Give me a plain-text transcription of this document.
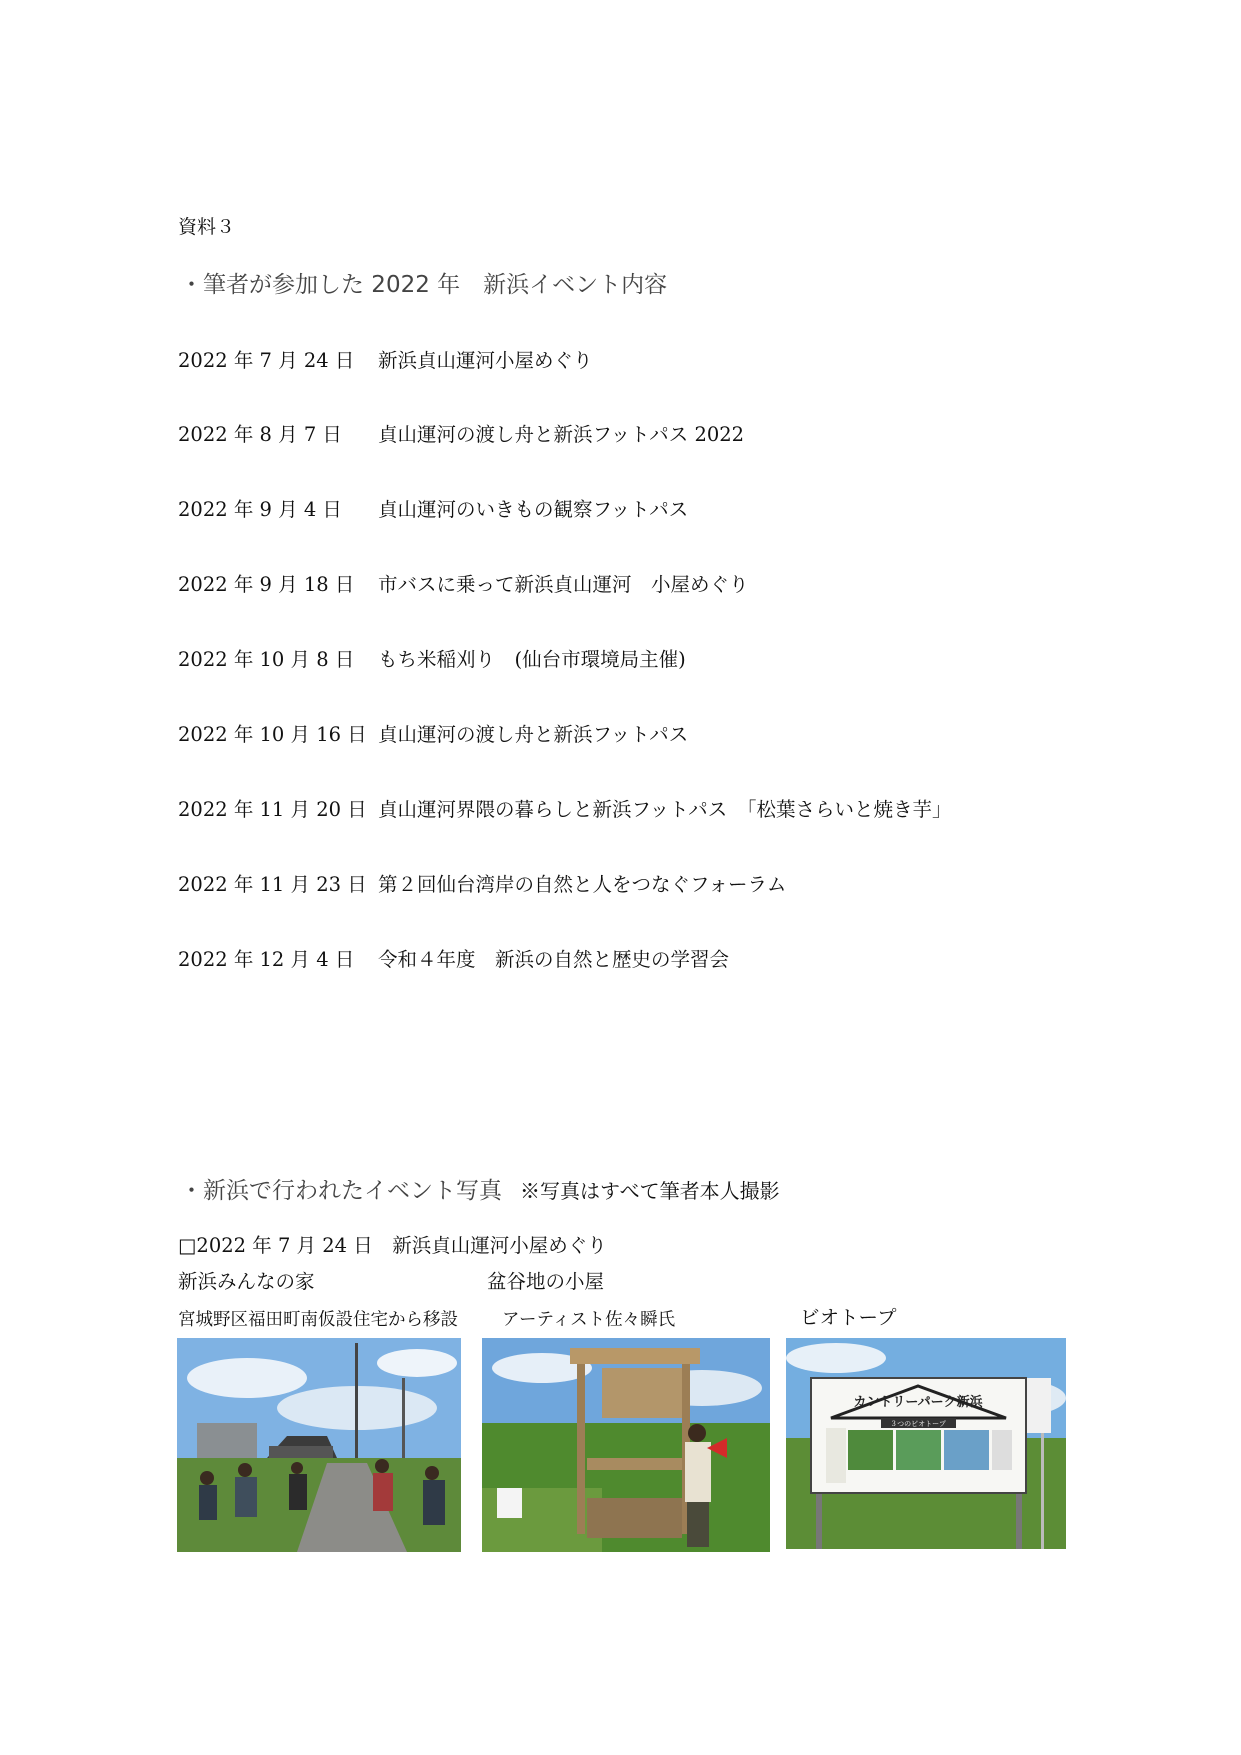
資料３
・筆者が参加した 2022 年　新浜イベント内容
2022 年 7 月 24 日 新浜貞山運河小屋めぐり
2022 年 8 月 7 日 貞山運河の渡し舟と新浜フットパス 2022
2022 年 9 月 4 日 貞山運河のいきもの観察フットパス
2022 年 9 月 18 日 市バスに乗って新浜貞山運河　小屋めぐり
2022 年 10 月 8 日 もち米稲刈り　(仙台市環境局主催)
2022 年 10 月 16 日 貞山運河の渡し舟と新浜フットパス
2022 年 11 月 20 日 貞山運河界隈の暮らしと新浜フットパス　「松葉さらいと焼き芋」
2022 年 11 月 23 日 第２回仙台湾岸の自然と人をつなぐフォーラム
2022 年 12 月 4 日 令和４年度　新浜の自然と歴史の学習会
・新浜で行われたイベント写真 ※写真はすべて筆者本人撮影
□2022 年 7 月 24 日　新浜貞山運河小屋めぐり
新浜みんなの家	盆谷地の小屋
宮城野区福田町南仮設住宅から移設	アーティスト佐々瞬氏	ビオトープ
カントリーパーク新浜
３つのビオトープ
